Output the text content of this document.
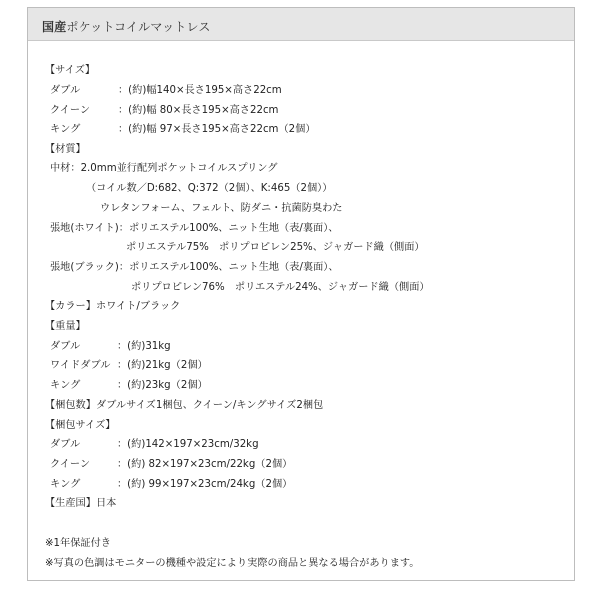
国産ポケットコイルマットレス
【サイズ】
ダブル	：(約)幅140×長さ195×高さ22cm
クイーン	：(約)幅 80×長さ195×高さ22cm
キング	：(約)幅 97×長さ195×高さ22cm（2個）
【材質】
中材：2.0mm並行配列ポケットコイルスプリング
（コイル数／D:682、Q:372（2個）、K:465（2個））
ウレタンフォーム、フェルト、防ダニ・抗菌防臭わた
張地(ホワイト)：ポリエステル100%、ニット生地（表/裏面）、
ポリエステル75%　ポリプロピレン25%、ジャガード織（側面）
張地(ブラック)：ポリエステル100%、ニット生地（表/裏面）、
ポリプロピレン76%　ポリエステル24%、ジャガード織（側面）
【カラー】ホワイト/ブラック
【重量】
ダブル	：(約)31kg
ワイドダブル ：(約)21kg（2個）
キング	：(約)23kg（2個）
【梱包数】ダブルサイズ1梱包、クイーン/キングサイズ2梱包
【梱包サイズ】
ダブル	：(約)142×197×23cm/32kg
クイーン	：(約) 82×197×23cm/22kg（2個）
キング	：(約) 99×197×23cm/24kg（2個）
【生産国】日本
※1年保証付き
※写真の色調はモニターの機種や設定により実際の商品と異なる場合があります。
